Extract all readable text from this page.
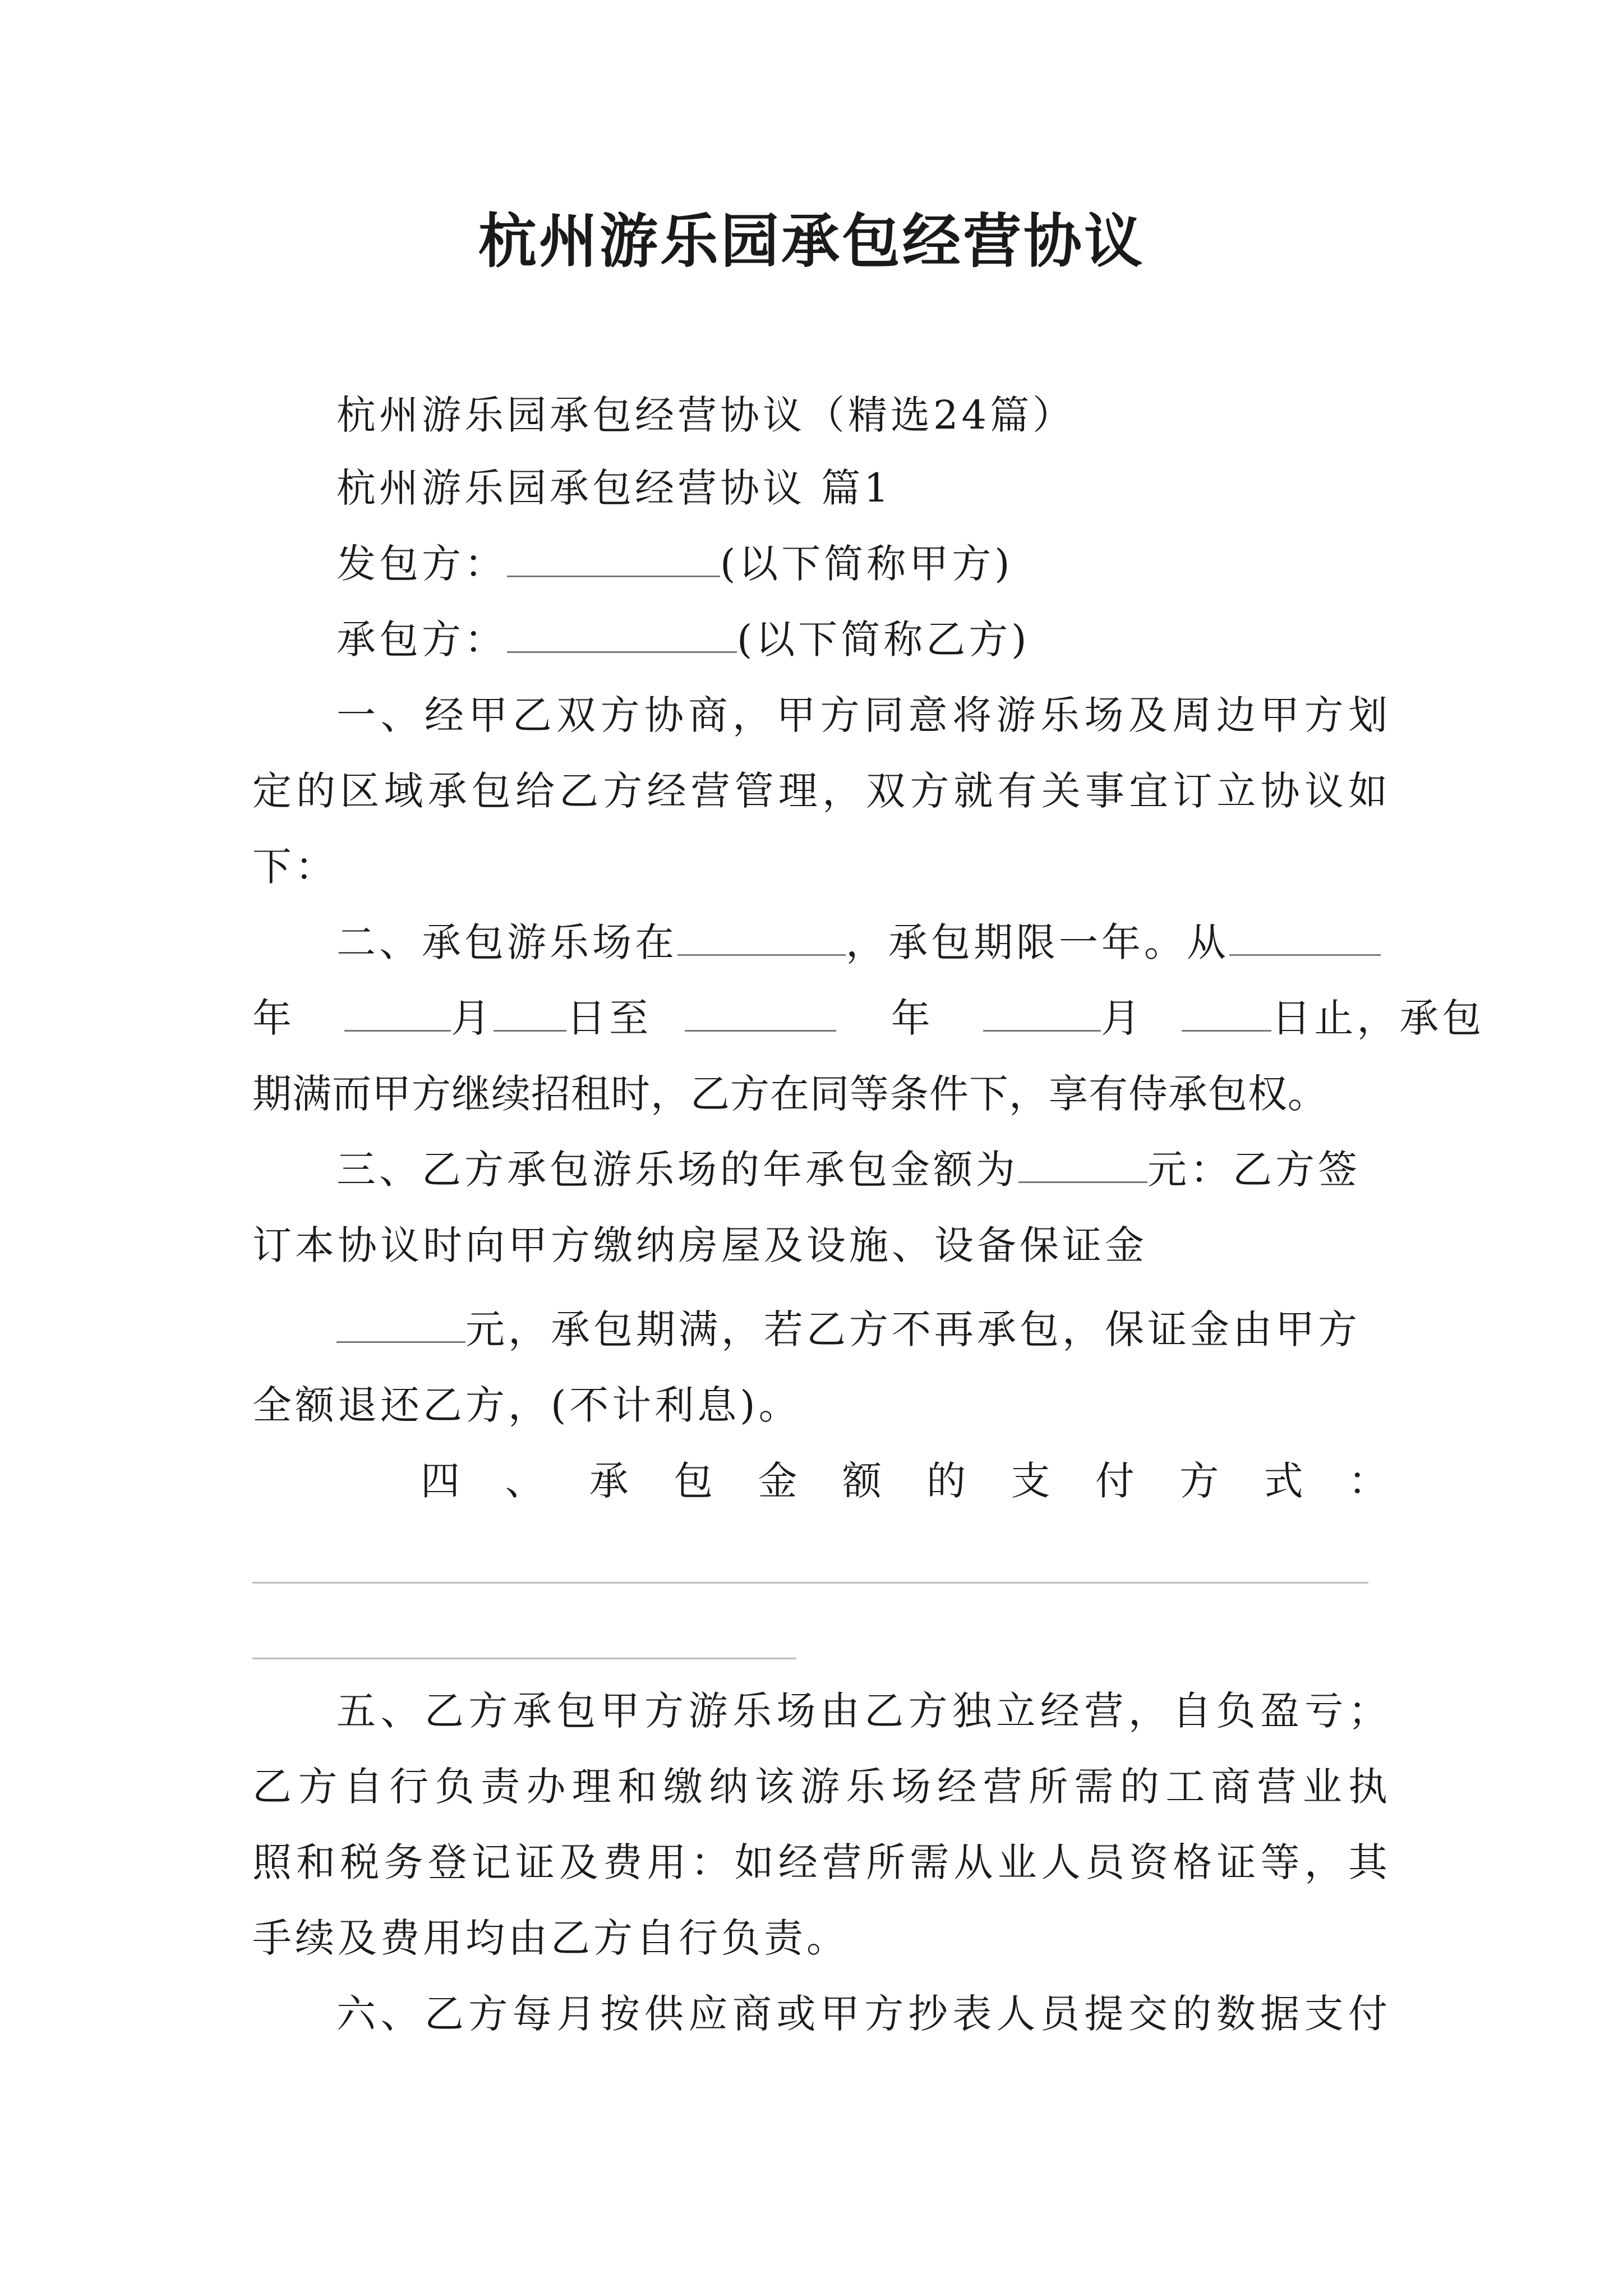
杭州游乐园承包经营协议
杭州游乐园承包经营协议（精选24篇）
杭州游乐园承包经营协议 篇1
发包方：	(以下简称甲方)
承包方：	(以下简称乙方)
一、经甲乙双方协商，甲方同意将游乐场及周边甲方划
定的区域承包给乙方经营管理，双方就有关事宜订立协议如
下：
二、承包游乐场在	，承包期限一年。从
年	月 日至	年	月	日止，承包
期满而甲方继续招租时，乙方在同等条件下，享有侍承包权。
三、乙方承包游乐场的年承包金额为	元：乙方签
订本协议时向甲方缴纳房屋及设施、设备保证金
元，承包期满，若乙方不再承包，保证金由甲方
全额退还乙方，(不计利息)。
四、承包金额的支付方式：
五、乙方承包甲方游乐场由乙方独立经营，自负盈亏；
乙方自行负责办理和缴纳该游乐场经营所需的工商营业执
照和税务登记证及费用：如经营所需从业人员资格证等，其
手续及费用均由乙方自行负责。
六、乙方每月按供应商或甲方抄表人员提交的数据支付
